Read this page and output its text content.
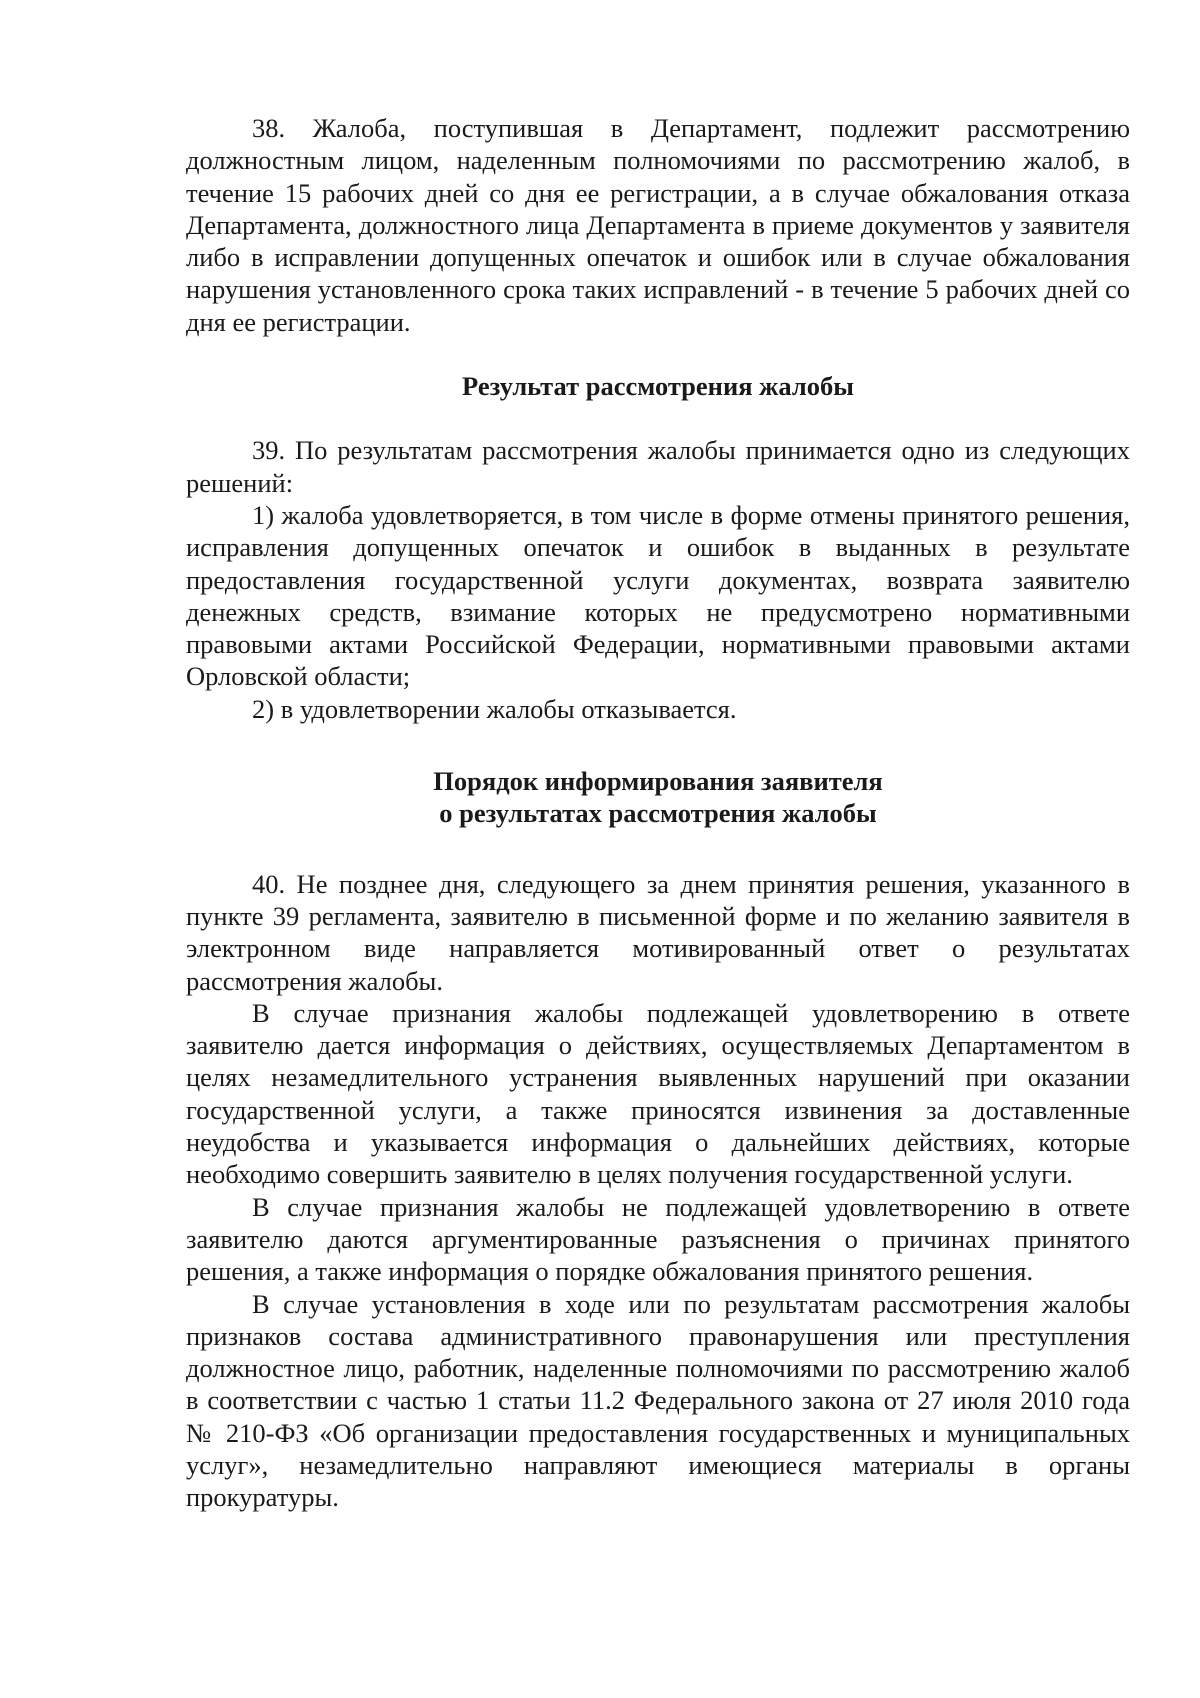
38. Жалоба, поступившая в Департамент, подлежит рассмотрению должностным лицом, наделенным полномочиями по рассмотрению жалоб, в течение 15 рабочих дней со дня ее регистрации, а в случае обжалования отказа Департамента, должностного лица Департамента в приеме документов у заявителя либо в исправлении допущенных опечаток и ошибок или в случае обжалования нарушения установленного срока таких исправлений - в течение 5 рабочих дней со дня ее регистрации.

Результат рассмотрения жалобы

39. По результатам рассмотрения жалобы принимается одно из следующих решений:

1) жалоба удовлетворяется, в том числе в форме отмены принятого решения, исправления допущенных опечаток и ошибок в выданных в результате предоставления государственной услуги документах, возврата заявителю денежных средств, взимание которых не предусмотрено нормативными правовыми актами Российской Федерации, нормативными правовыми актами Орловской области;

2) в удовлетворении жалобы отказывается.

Порядок информирования заявителя

о результатах рассмотрения жалобы

40. Не позднее дня, следующего за днем принятия решения, указанного в пункте 39 регламента, заявителю в письменной форме и по желанию заявителя в электронном виде направляется мотивированный ответ о результатах рассмотрения жалобы.

В случае признания жалобы подлежащей удовлетворению в ответе заявителю дается информация о действиях, осуществляемых Департаментом в целях незамедлительного устранения выявленных нарушений при оказании государственной услуги, а также приносятся извинения за доставленные неудобства и указывается информация о дальнейших действиях, которые необходимо совершить заявителю в целях получения государственной услуги.

В случае признания жалобы не подлежащей удовлетворению в ответе заявителю даются аргументированные разъяснения о причинах принятого решения, а также информация о порядке обжалования принятого решения.

В случае установления в ходе или по результатам рассмотрения жалобы признаков состава административного правонарушения или преступления должностное лицо, работник, наделенные полномочиями по рассмотрению жалоб в соответствии с частью 1 статьи 11.2 Федерального закона от 27 июля 2010 года № 210-ФЗ «Об организации предоставления государственных и муниципальных услуг», незамедлительно направляют имеющиеся материалы в органы прокуратуры.
